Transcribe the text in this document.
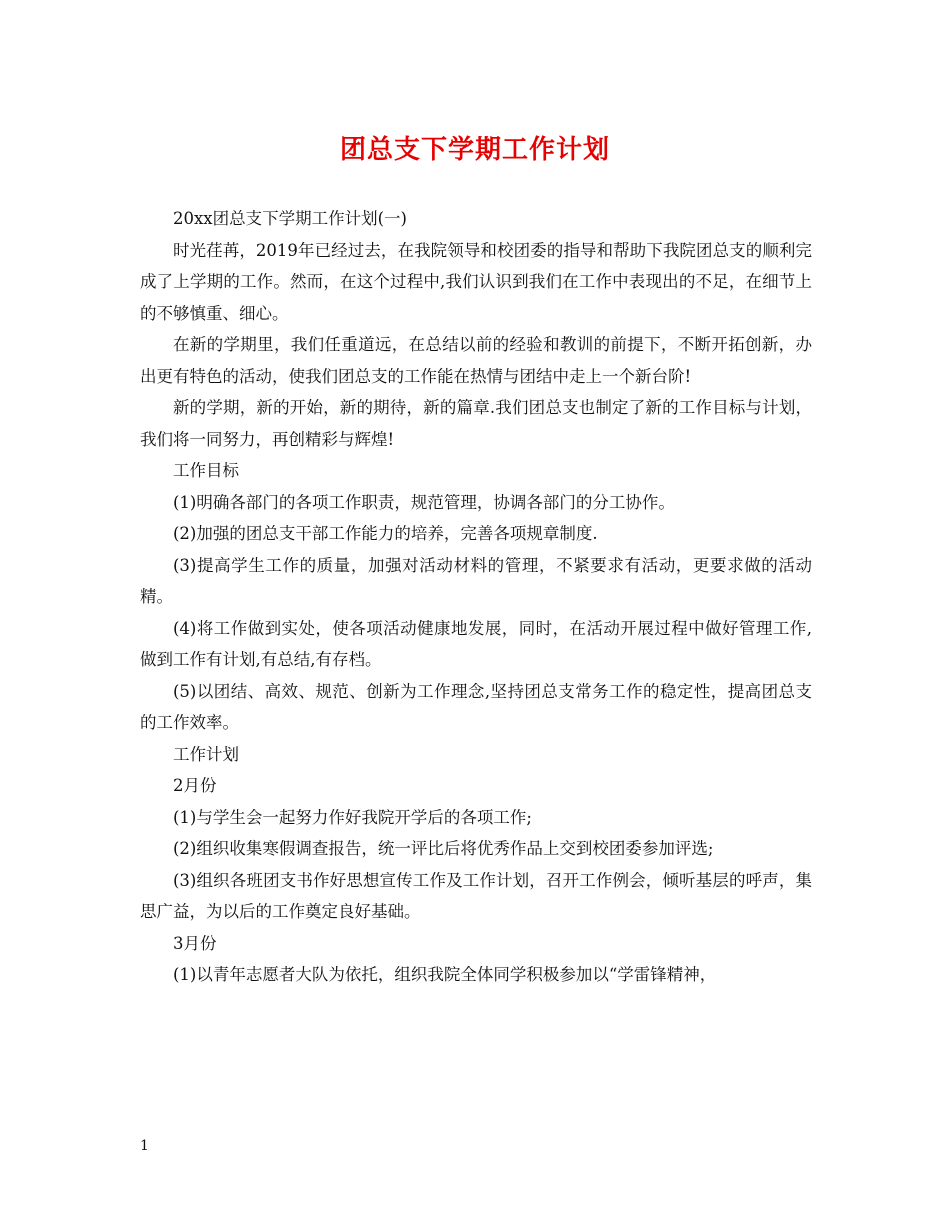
团总支下学期工作计划

20xx团总支下学期工作计划(一)

时光荏苒，2019年已经过去，在我院领导和校团委的指导和帮助下我院团总支的顺利完成了上学期的工作。然而，在这个过程中,我们认识到我们在工作中表现出的不足，在细节上的不够慎重、细心。

在新的学期里，我们任重道远，在总结以前的经验和教训的前提下，不断开拓创新，办出更有特色的活动，使我们团总支的工作能在热情与团结中走上一个新台阶!

新的学期，新的开始，新的期待，新的篇章.我们团总支也制定了新的工作目标与计划，我们将一同努力，再创精彩与辉煌!

工作目标

(1)明确各部门的各项工作职责，规范管理，协调各部门的分工协作。

(2)加强的团总支干部工作能力的培养，完善各项规章制度.

(3)提高学生工作的质量，加强对活动材料的管理，不紧要求有活动，更要求做的活动精。

(4)将工作做到实处，使各项活动健康地发展，同时，在活动开展过程中做好管理工作,做到工作有计划,有总结,有存档。

(5)以团结、高效、规范、创新为工作理念,坚持团总支常务工作的稳定性，提高团总支的工作效率。

工作计划

2月份

(1)与学生会一起努力作好我院开学后的各项工作;

(2)组织收集寒假调查报告，统一评比后将优秀作品上交到校团委参加评选;

(3)组织各班团支书作好思想宣传工作及工作计划，召开工作例会，倾听基层的呼声，集思广益，为以后的工作奠定良好基础。

3月份

(1)以青年志愿者大队为依托，组织我院全体同学积极参加以“学雷锋精神，

1
